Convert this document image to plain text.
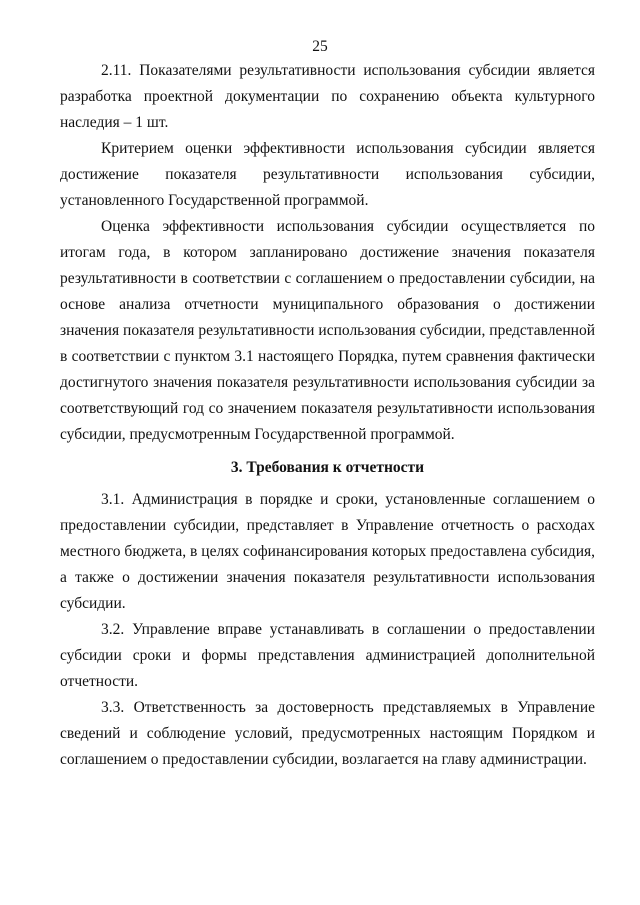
25

2.11. Показателями результативности использования субсидии является разработка проектной документации по сохранению объекта культурного наследия – 1 шт.

Критерием оценки эффективности использования субсидии является достижение показателя результативности использования субсидии, установленного Государственной программой.

Оценка эффективности использования субсидии осуществляется по итогам года, в котором запланировано достижение значения показателя результативности в соответствии с соглашением о предоставлении субсидии, на основе анализа отчетности муниципального образования о достижении значения показателя результативности использования субсидии, представленной в соответствии с пунктом 3.1 настоящего Порядка, путем сравнения фактически достигнутого значения показателя результативности использования субсидии за соответствующий год со значением показателя результативности использования субсидии, предусмотренным Государственной программой.

3. Требования к отчетности

3.1. Администрация в порядке и сроки, установленные соглашением о предоставлении субсидии, представляет в Управление отчетность о расходах местного бюджета, в целях софинансирования которых предоставлена субсидия, а также о достижении значения показателя результативности использования субсидии.

3.2. Управление вправе устанавливать в соглашении о предоставлении субсидии сроки и формы представления администрацией дополнительной отчетности.

3.3. Ответственность за достоверность представляемых в Управление сведений и соблюдение условий, предусмотренных настоящим Порядком и соглашением о предоставлении субсидии, возлагается на главу администрации.
